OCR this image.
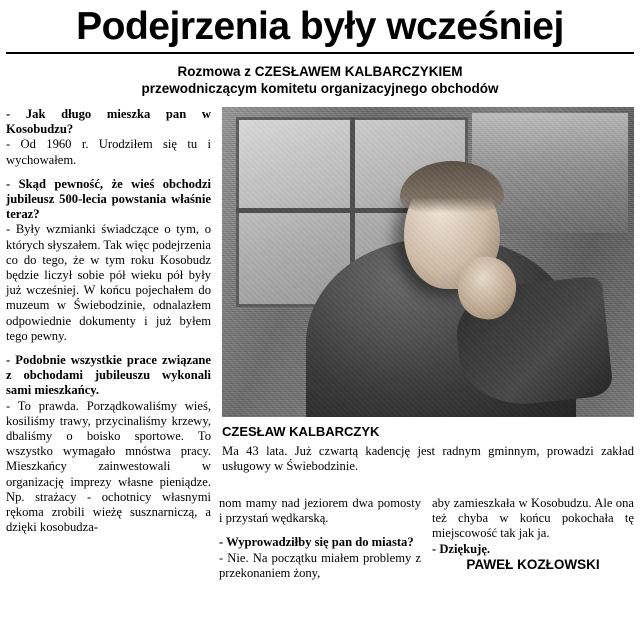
Podejrzenia były wcześniej
Rozmowa z CZESŁAWEM KALBARCZYKIEM
przewodniczącym komitetu organizacyjnego obchodów

- Jak długo mieszka pan w Kosobudzu?

- Od 1960 r. Urodziłem się tu i wychowałem.

- Skąd pewność, że wieś obchodzi jubileusz 500-lecia powstania właśnie teraz?

- Były wzmianki świadczące o tym, o których słyszałem. Tak więc podejrzenia co do tego, że w tym roku Kosobudz będzie liczył sobie pół wieku pół były już wcześniej. W końcu pojechałem do muzeum w Świebodzinie, odnalazłem odpowiednie dokumenty i już byłem tego pewny.

- Podobnie wszystkie prace związane z obchodami jubileuszu wykonali sami mieszkańcy.

- To prawda. Porządkowaliśmy wieś, kosiliśmy trawy, przycinaliśmy krzewy, dbaliśmy o boisko sportowe. To wszystko wymagało mnóstwa pracy. Mieszkańcy zainwestowali w organizację imprezy własne pieniądze. Np. strażacy - ochotnicy własnymi rękoma zrobili wieżę susznarniczą, a dzięki kosobudza-

CZESŁAW KALBARCZYK
Ma 43 lata. Już czwartą kadencję jest radnym gminnym, prowadzi zakład usługowy w Świebodzinie.

nom mamy nad jeziorem dwa pomosty i przystań wędkarską.

- Wyprowadziłby się pan do miasta?

- Nie. Na początku miałem problemy z przekonaniem żony,

aby zamieszkała w Kosobudzu. Ale ona też chyba w końcu pokochała tę miejscowość tak jak ja.

- Dziękuję.

PAWEŁ KOZŁOWSKI
